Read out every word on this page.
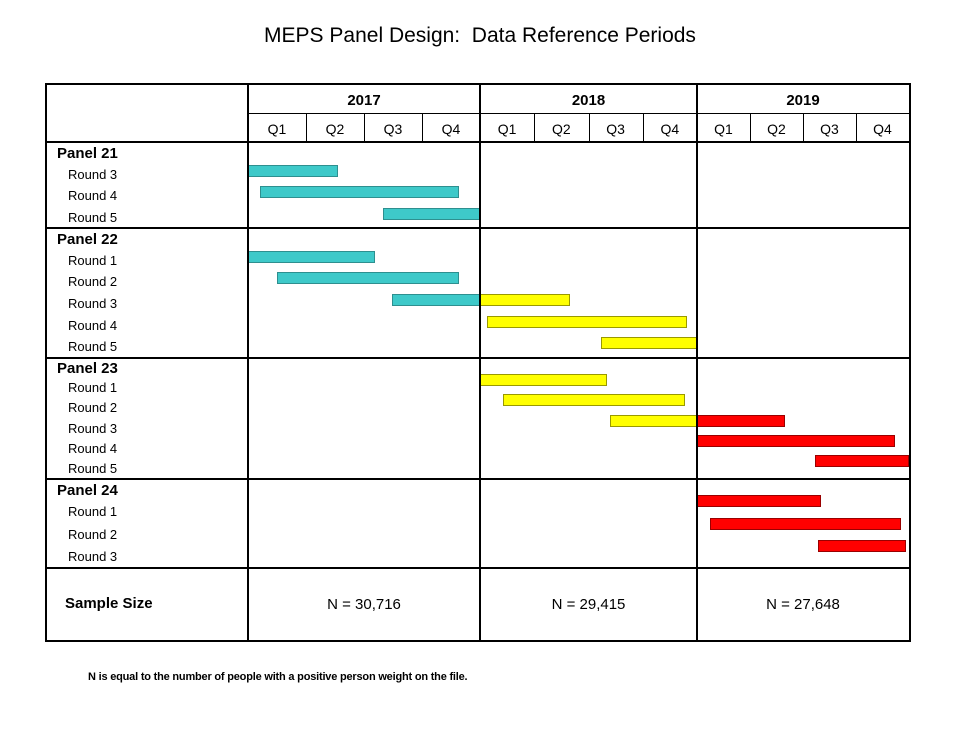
MEPS Panel Design:  Data Reference Periods
2017
Q1	Q2	Q3	Q4
2018
Q1	Q2	Q3	Q4
2019
Q1	Q2	Q3	Q4
Panel 21
Round 3
Round 4
Round 5
Panel 22
Round 1
Round 2
Round 3
Round 4
Round 5
Panel 23
Round 1
Round 2
Round 3
Round 4
Round 5
Panel 24
Round 1
Round 2
Round 3
Sample Size	N = 30,716	N = 29,415	N = 27,648
N is equal to the number of people with a positive person weight on the file.
